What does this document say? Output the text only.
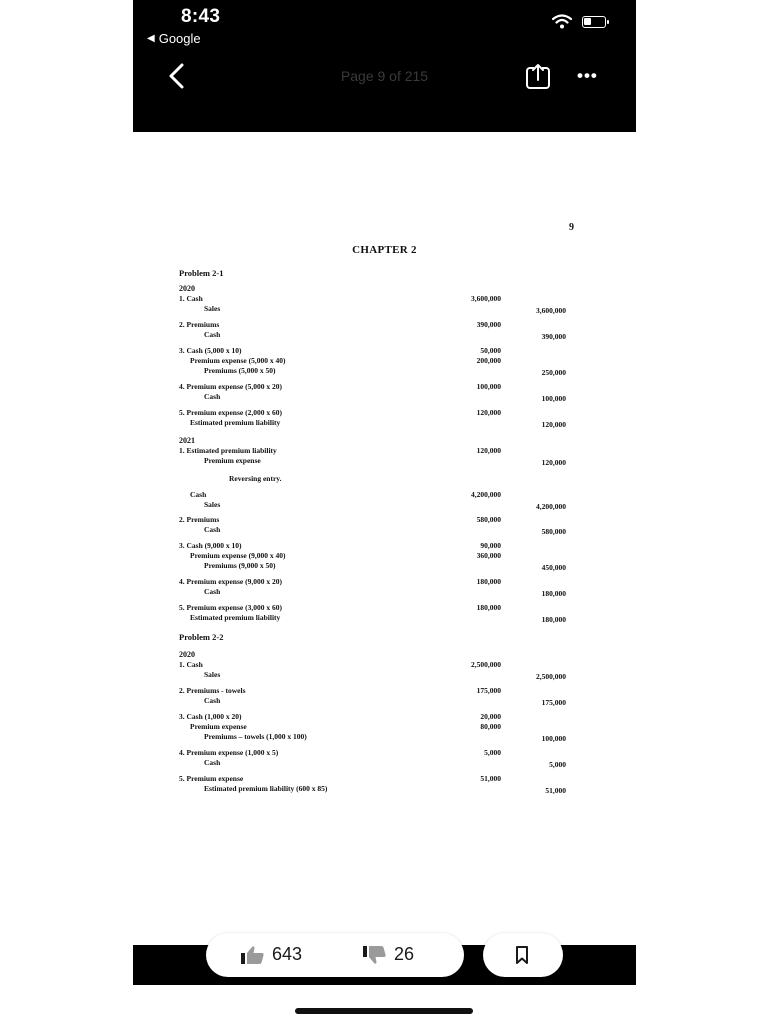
8:43
◀ Google
Page 9 of 215	•••
9
CHAPTER 2
Problem 2-1
2020
1. Cash	3,600,000
Sales	3,600,000
2. Premiums	390,000
Cash	390,000
3. Cash (5,000 x 10)	50,000
Premium expense (5,000 x 40)	200,000
Premiums (5,000 x 50)	250,000
4. Premium expense (5,000 x 20)	100,000
Cash	100,000
5. Premium expense (2,000 x 60)	120,000
Estimated premium liability	120,000
2021
1. Estimated premium liability	120,000
Premium expense	120,000
Reversing entry.
Cash	4,200,000
Sales	4,200,000
2. Premiums	580,000
Cash	580,000
3. Cash (9,000 x 10)	90,000
Premium expense (9,000 x 40)	360,000
Premiums (9,000 x 50)	450,000
4. Premium expense (9,000 x 20)	180,000
Cash	180,000
5. Premium expense (3,000 x 60)	180,000
Estimated premium liability	180,000
Problem 2-2
2020
1. Cash	2,500,000
Sales	2,500,000
2. Premiums - towels	175,000
Cash	175,000
3. Cash (1,000 x 20)	20,000
Premium expense	80,000
Premiums – towels (1,000 x 100)	100,000
4. Premium expense (1,000 x 5)	5,000
Cash	5,000
5. Premium expense	51,000
Estimated premium liability (600 x 85)	51,000
643	26
